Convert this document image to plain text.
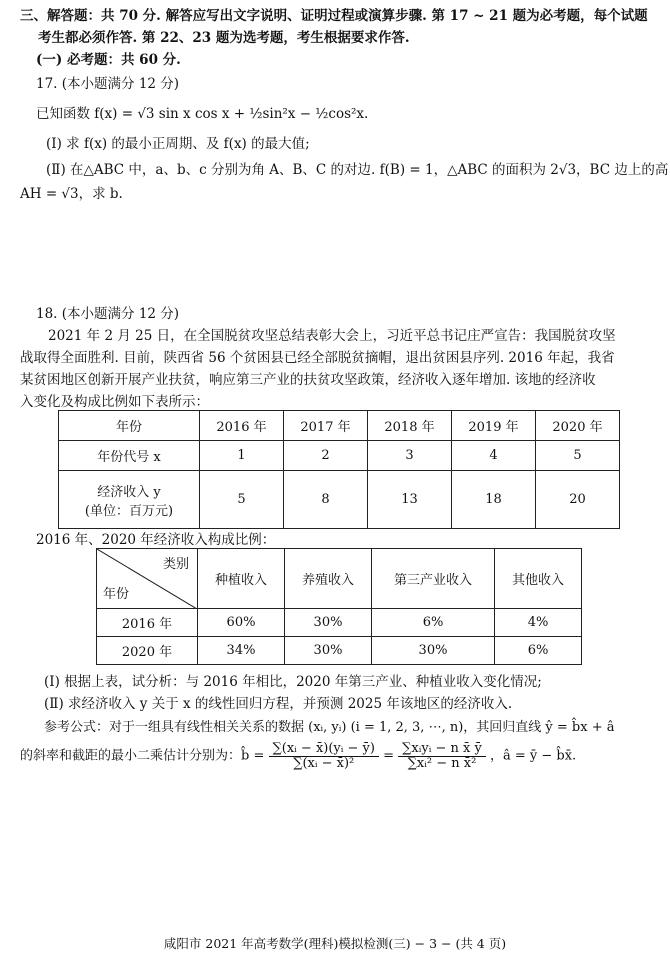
三、解答题：共 70 分. 解答应写出文字说明、证明过程或演算步骤. 第 17 ~ 21 题为必考题，每个试题
考生都必须作答. 第 22、23 题为选考题，考生根据要求作答.
(一) 必考题：共 60 分.
17. (本小题满分 12 分)
已知函数 f(x) = √3 sin x cos x + ½sin²x − ½cos²x.
(Ⅰ) 求 f(x) 的最小正周期、及 f(x) 的最大值;
(Ⅱ) 在△ABC 中，a、b、c 分别为角 A、B、C 的对边. f(B) = 1，△ABC 的面积为 2√3，BC 边上的高
AH = √3，求 b.
18. (本小题满分 12 分)
2021 年 2 月 25 日，在全国脱贫攻坚总结表彰大会上，习近平总书记庄严宣告：我国脱贫攻坚
战取得全面胜利. 目前，陕西省 56 个贫困县已经全部脱贫摘帽，退出贫困县序列. 2016 年起，我省
某贫困地区创新开展产业扶贫，响应第三产业的扶贫攻坚政策，经济收入逐年增加. 该地的经济收
入变化及构成比例如下表所示：
年份	2016 年	2017 年	2018 年	2019 年	2020 年
年份代号 x	1	2	3	4	5

经济收入 y
(单位：百万元)	5	8	13	18	20
2016 年、2020 年经济收入构成比例：
类别
年份	种植收入	养殖收入	第三产业收入	其他收入
2016 年	60%	30%	6%	4%
2020 年	34%	30%	30%	6%
(Ⅰ) 根据上表，试分析：与 2016 年相比，2020 年第三产业、种植业收入变化情况;
(Ⅱ) 求经济收入 y 关于 x 的线性回归方程，并预测 2025 年该地区的经济收入.
参考公式：对于一组具有线性相关关系的数据 (xᵢ, yᵢ) (i = 1, 2, 3, ⋯, n)，其回归直线 ŷ = b̂x + â
的斜率和截距的最小二乘估计分别为：b̂ = $\frac{\text{∑(xᵢ − x̄)(yᵢ − ȳ)}}{\text{∑(xᵢ − x̄)²}} = \frac{\text{∑xᵢyᵢ − n x̄ ȳ}}{\text{∑xᵢ² − n x̄²}}$ ，â = ȳ − b̂x̄.
咸阳市 2021 年高考数学(理科)模拟检测(三) − 3 − (共 4 页)
